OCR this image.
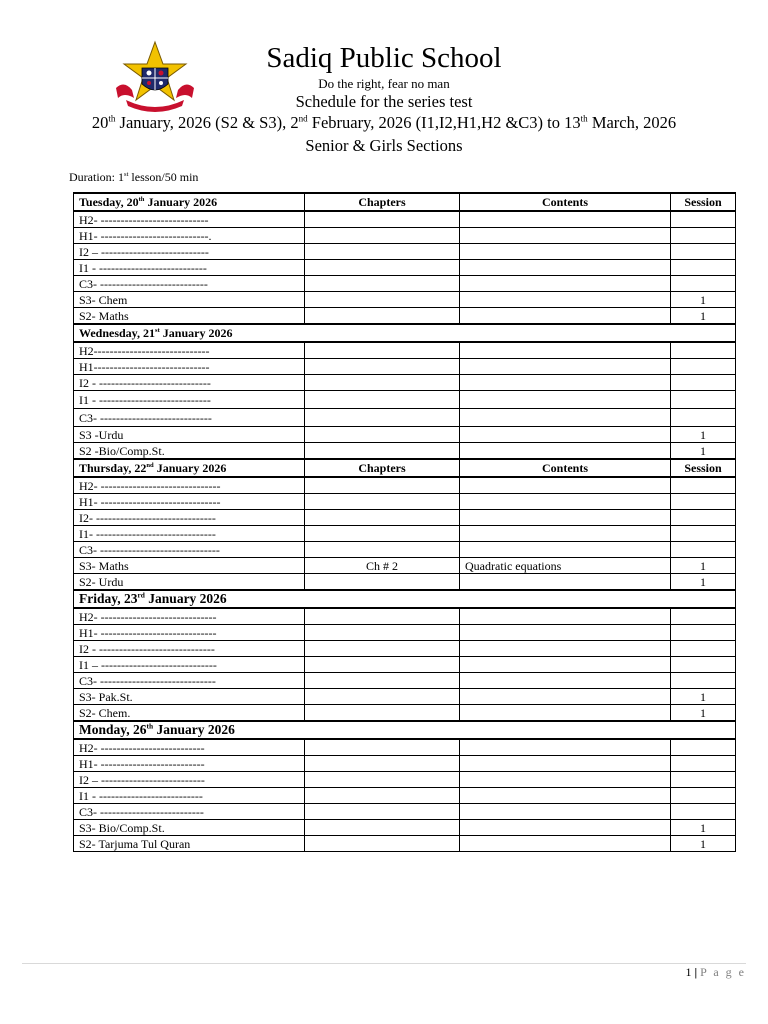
Sadiq Public School
Do the right, fear no man
Schedule for the series test
20th January, 2026 (S2 & S3), 2nd February, 2026 (I1,I2,H1,H2 &C3) to 13th March, 2026
Senior & Girls Sections
Duration: 1st lesson/50 min
Tuesday, 20th January 2026	Chapters	Contents	Session
H2- ---------------------------			
H1- ---------------------------.			
I2 – ---------------------------			
I1 - ---------------------------			
C3- ---------------------------			
S3- Chem			1
S2- Maths			1
Wednesday, 21st January 2026			
H2-----------------------------			
H1-----------------------------			
I2 - ----------------------------			
I1 - ----------------------------			
C3- ----------------------------			
S3 -Urdu			1
S2 -Bio/Comp.St.			1
Thursday, 22nd January 2026	Chapters	Contents	Session
H2- ------------------------------			
H1- ------------------------------			
I2- ------------------------------			
I1- ------------------------------			
C3- ------------------------------			
S3- Maths	Ch # 2	Quadratic equations	1
S2- Urdu			1
Friday, 23rd January 2026			
H2- -----------------------------			
H1- -----------------------------			
I2 - -----------------------------			
I1 – -----------------------------			
C3- -----------------------------			
S3- Pak.St.			1
S2- Chem.			1
Monday, 26th January 2026			
H2- --------------------------			
H1- --------------------------			
I2 – --------------------------			
I1 - --------------------------			
C3- --------------------------			
S3- Bio/Comp.St.			1
S2- Tarjuma Tul Quran			1
1 | P a g e
